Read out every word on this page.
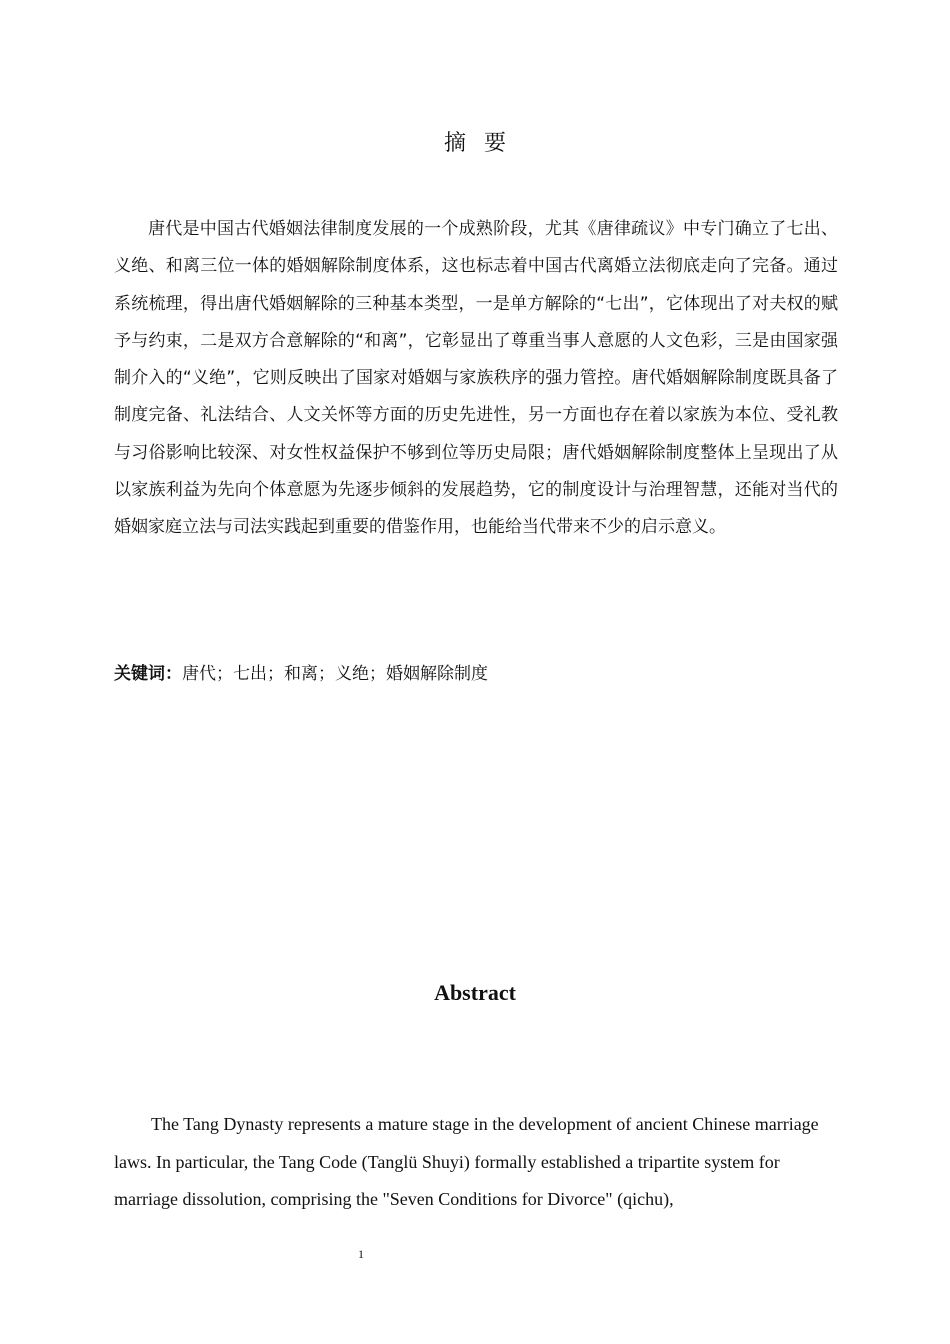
摘要

唐代是中国古代婚姻法律制度发展的一个成熟阶段，尤其《唐律疏议》中专门确立了七出、义绝、和离三位一体的婚姻解除制度体系，这也标志着中国古代离婚立法彻底走向了完备。通过系统梳理，得出唐代婚姻解除的三种基本类型，一是单方解除的“七出”，它体现出了对夫权的赋予与约束，二是双方合意解除的“和离”，它彰显出了尊重当事人意愿的人文色彩，三是由国家强制介入的“义绝”，它则反映出了国家对婚姻与家族秩序的强力管控。唐代婚姻解除制度既具备了制度完备、礼法结合、人文关怀等方面的历史先进性，另一方面也存在着以家族为本位、受礼教与习俗影响比较深、对女性权益保护不够到位等历史局限；唐代婚姻解除制度整体上呈现出了从以家族利益为先向个体意愿为先逐步倾斜的发展趋势，它的制度设计与治理智慧，还能对当代的婚姻家庭立法与司法实践起到重要的借鉴作用，也能给当代带来不少的启示意义。

关键词：唐代；七出；和离；义绝；婚姻解除制度
Abstract

The Tang Dynasty represents a mature stage in the development of ancient Chinese marriage laws. In particular, the Tang Code (Tanglü Shuyi) formally established a tripartite system for marriage dissolution, comprising the "Seven Conditions for Divorce" (qichu),

1
